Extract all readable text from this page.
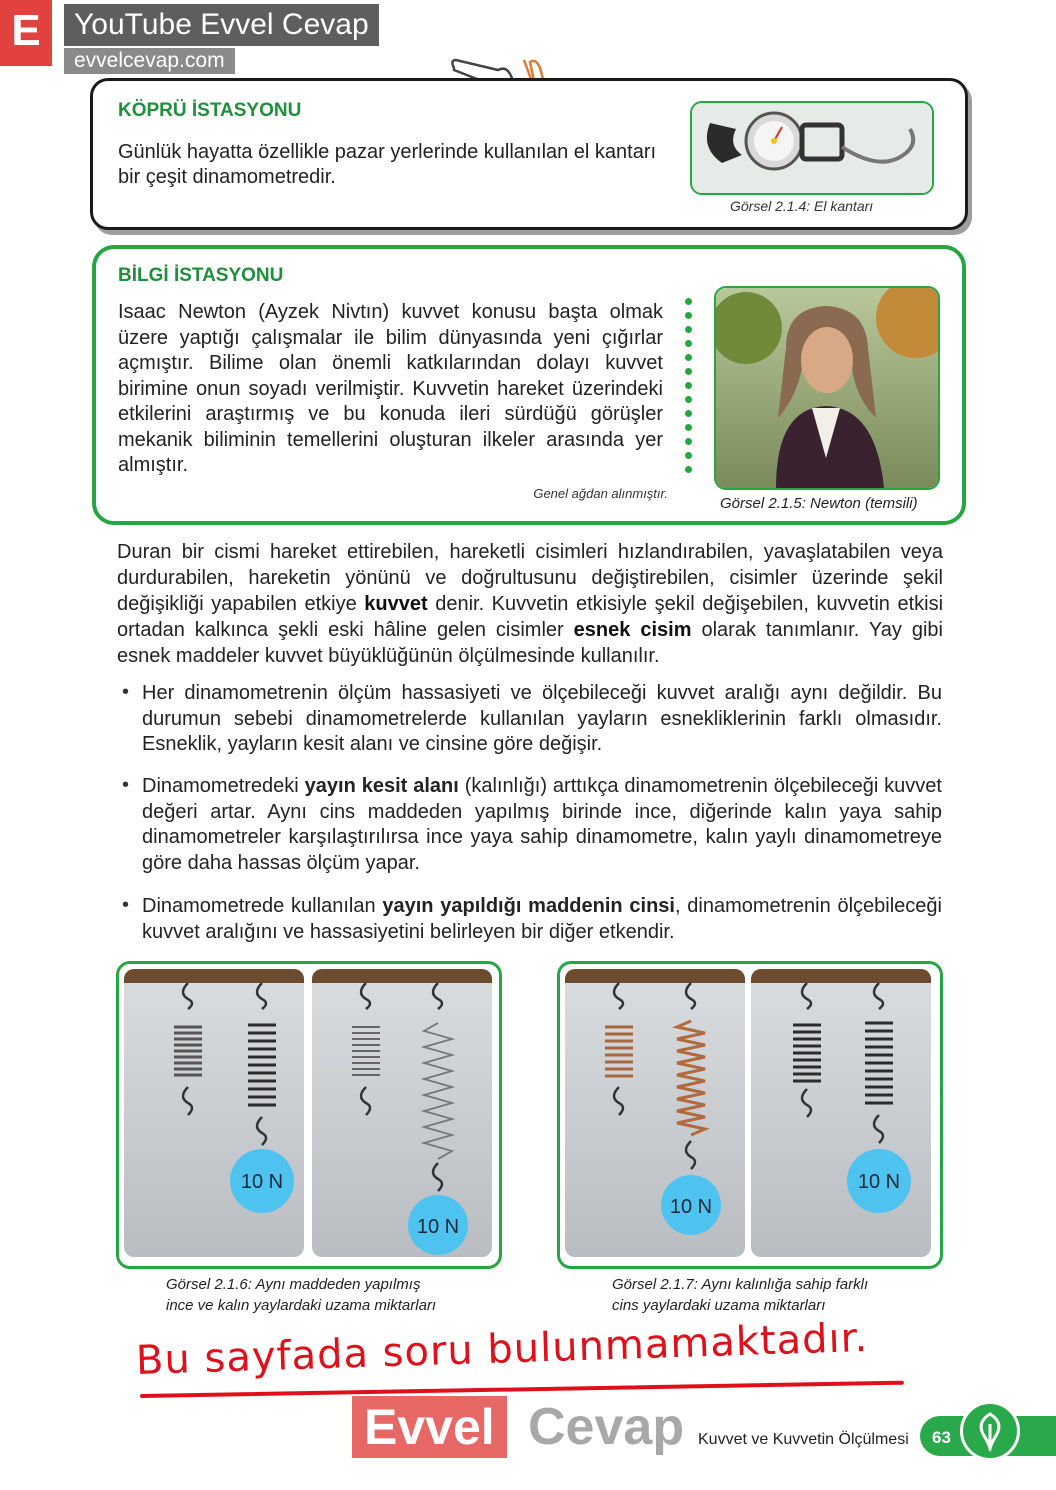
E	YouTube Evvel Cevap
evvelcevap.com
KÖPRÜ İSTASYONU
Günlük hayatta özellikle pazar yerlerinde kullanılan el kantarı bir çeşit dinamometredir.
Görsel 2.1.4: El kantarı
BİLGİ İSTASYONU
Isaac Newton (Ayzek Nivtın) kuvvet konusu başta olmak üzere yaptığı çalışmalar ile bilim dünyasında yeni çığırlar açmıştır. Bilime olan önemli katkılarından dolayı kuvvet birimine onun soyadı verilmiştir. Kuvvetin hareket üzerindeki etkilerini araştırmış ve bu konuda ileri sürdüğü görüşler mekanik biliminin temellerini oluşturan ilkeler arasında yer almıştır.
Genel ağdan alınmıştır.
Görsel 2.1.5: Newton (temsili)
Duran bir cismi hareket ettirebilen, hareketli cisimleri hızlandırabilen, yavaşlatabilen veya durdurabilen, hareketin yönünü ve doğrultusunu değiştirebilen, cisimler üzerinde şekil değişikliği yapabilen etkiye kuvvet denir. Kuvvetin etkisiyle şekil değişebilen, kuvvetin etkisi ortadan kalkınca şekli eski hâline gelen cisimler esnek cisim olarak tanımlanır. Yay gibi esnek maddeler kuvvet büyüklüğünün ölçülmesinde kullanılır.
• Her dinamometrenin ölçüm hassasiyeti ve ölçebileceği kuvvet aralığı aynı değildir. Bu durumun sebebi dinamometrelerde kullanılan yayların esnekliklerinin farklı olmasıdır. Esneklik, yayların kesit alanı ve cinsine göre değişir.
• Dinamometredeki yayın kesit alanı (kalınlığı) arttıkça dinamometrenin ölçebileceği kuvvet değeri artar. Aynı cins maddeden yapılmış birinde ince, diğerinde kalın yaya sahip dinamometreler karşılaştırılırsa ince yaya sahip dinamometre, kalın yaylı dinamometreye göre daha hassas ölçüm yapar.
• Dinamometrede kullanılan yayın yapıldığı maddenin cinsi, dinamometrenin ölçebileceği kuvvet aralığını ve hassasiyetini belirleyen bir diğer etkendir.
10 N
10 N
Görsel 2.1.6: Aynı maddeden yapılmış
ince ve kalın yaylardaki uzama miktarları
10 N
10 N
Görsel 2.1.7: Aynı kalınlığa sahip farklı
cins yaylardaki uzama miktarları
Bu sayfada soru bulunmamaktadır.
Evvel Cevap Kuvvet ve Kuvvetin Ölçülmesi 63
